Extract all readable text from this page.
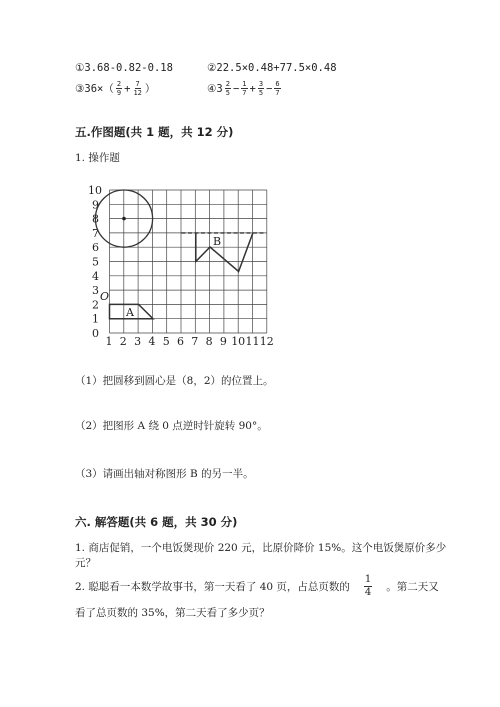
①3.68-0.82-0.18	②22.5×0.48+77.5×0.48
③36×（ $\frac{2}{9} + \frac{7}{12}$ ）	④3 $\frac{2}{5} - \frac{1}{7} + \frac{3}{5} - \frac{6}{7}$
五.作图题(共 1 题，共 12 分)
1. 操作题
0
1
2
3
4
5
6
7
8
9
10
1 2 3 4 5 6 7 8 9 10 11 12
A
O
B
（1）把圆移到圆心是（8，2）的位置上。
（2）把图形 A 绕 0 点逆时针旋转 90°。
（3）请画出轴对称图形 B 的另一半。
六. 解答题(共 6 题，共 30 分)
1. 商店促销，一个电饭煲现价 220 元，比原价降价 15%。这个电饭煲原价多少
元？
2. 聪聪看一本数学故事书，第一天看了 40 页，占总页数的 $\frac{1}{4}$ 。第二天又
看了总页数的 35%，第二天看了多少页？
